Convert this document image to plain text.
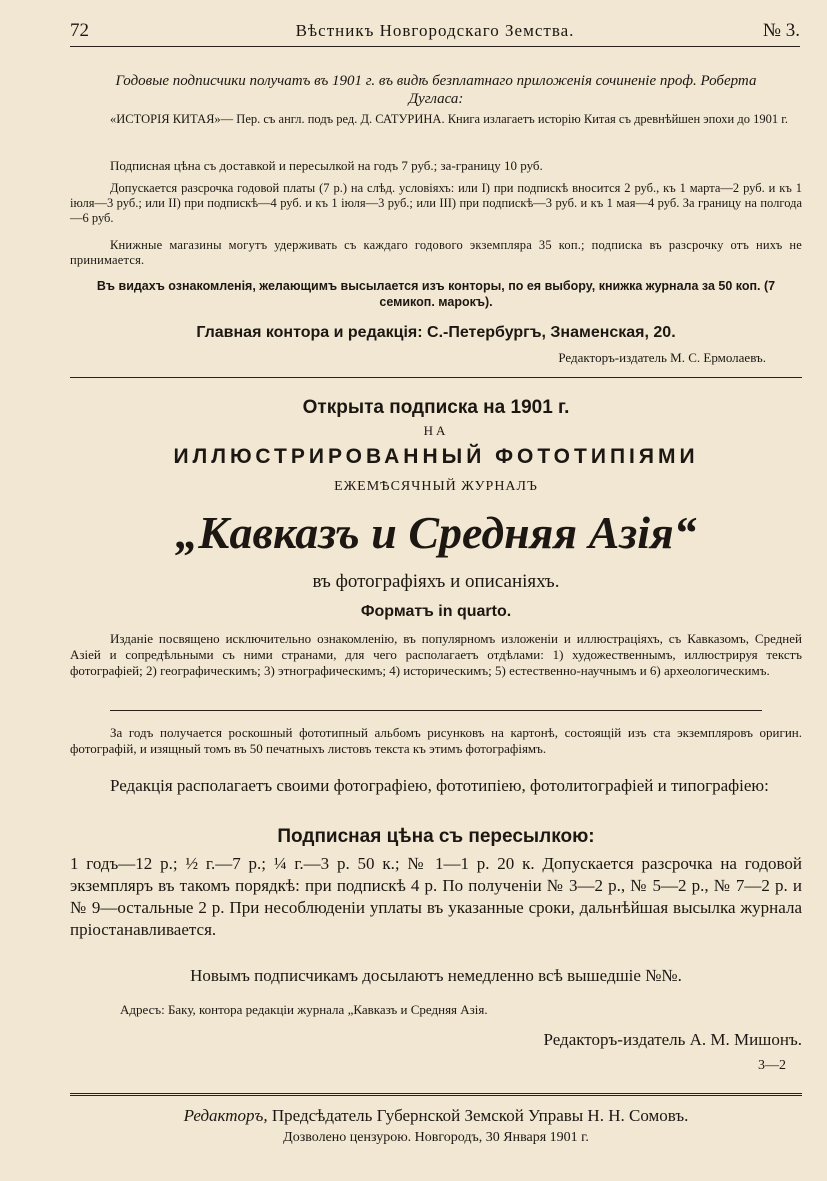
72	Вѣстникъ Новгородскаго Земства.	№ 3.
Годовые подписчики получатъ въ 1901 г. въ видѣ безплатнаго приложенія сочиненіе проф. Роберта Дугласа:
«ИСТОРІЯ КИТАЯ»— Пер. съ англ. подъ ред. Д. САТУРИНА. Книга излагаетъ исторію Китая съ древнѣйшен эпохи до 1901 г.
Подписная цѣна съ доставкой и пересылкой на годъ 7 руб.; за-границу 10 руб.
Допускается разсрочка годовой платы (7 р.) на слѣд. условіяхъ: или I) при подпискѣ вносится 2 руб., къ 1 марта—2 руб. и къ 1 іюля—3 руб.; или II) при подпискѣ—4 руб. и къ 1 іюля—3 руб.; или III) при подпискѣ—3 руб. и къ 1 мая—4 руб. За границу на полгода—6 руб.
Книжные магазины могутъ удерживать съ каждаго годового экземпляра 35 коп.; подписка въ разсрочку отъ нихъ не принимается.
Въ видахъ ознакомленія, желающимъ высылается изъ конторы, по ея выбору, книжка журнала за 50 коп. (7 семикоп. марокъ).
Главная контора и редакція: С.-Петербургъ, Знаменская, 20.
Редакторъ-издатель М. С. Ермолаевъ.
Открыта подписка на 1901 г.
НА
ИЛЛЮСТРИРОВАННЫЙ ФОТОТИПІЯМИ
ЕЖЕМѢСЯЧНЫЙ ЖУРНАЛЪ
„Кавказъ и Средняя Азія“
въ фотографіяхъ и описаніяхъ.
Форматъ in quarto.
Изданіе посвящено исключительно ознакомленію, въ популярномъ изложеніи и иллюстраціяхъ, съ Кавказомъ, Средней Азіей и сопредѣльными съ ними странами, для чего располагаетъ отдѣлами: 1) художественнымъ, иллюстрируя текстъ фотографіей; 2) географическимъ; 3) этнографическимъ; 4) историческимъ; 5) естественно-научнымъ и 6) археологическимъ.
За годъ получается роскошный фототипный альбомъ рисунковъ на картонѣ, состоящій изъ ста экземпляровъ оригин. фотографій, и изящный томъ въ 50 печатныхъ листовъ текста къ этимъ фотографіямъ.
Редакція располагаетъ своими фотографіею, фототипіею, фотолитографіей и типографіею:
Подписная цѣна съ пересылкою:
1 годъ—12 р.; ½ г.—7 р.; ¼ г.—3 р. 50 к.; № 1—1 р. 20 к. Допускается разсрочка на годовой экземпляръ въ такомъ порядкѣ: при подпискѣ 4 р. По полученіи № 3—2 р., № 5—2 р., № 7—2 р. и № 9—остальные 2 р. При несоблюденіи уплаты въ указанные сроки, дальнѣйшая высылка журнала пріостанавливается.
Новымъ подписчикамъ досылаютъ немедленно всѣ вышедшіе №№.
Адресъ: Баку, контора редакціи журнала „Кавказъ и Средняя Азія.
Редакторъ-издатель А. М. Мишонъ.
3—2
Редакторъ, Предсѣдатель Губернской Земской Управы Н. Н. Сомовъ.
Дозволено цензурою. Новгородъ, 30 Января 1901 г.
